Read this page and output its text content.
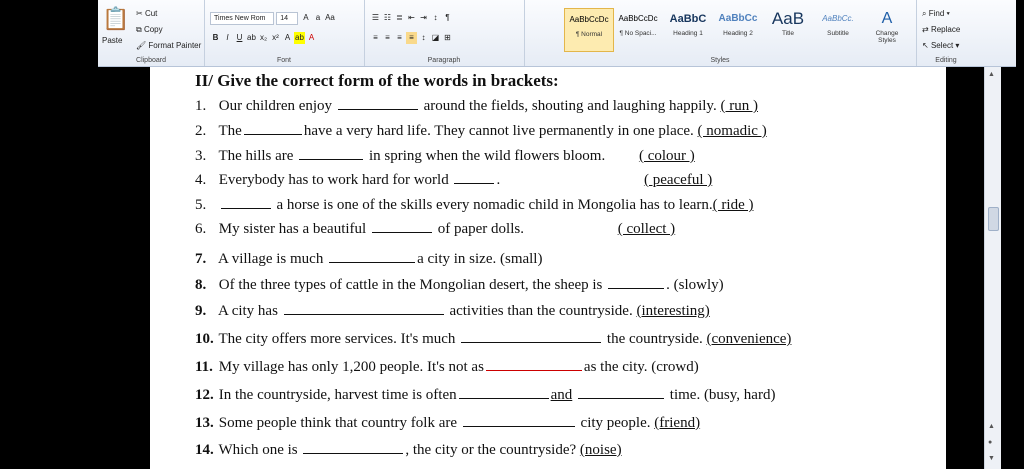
📋
Paste
✂ Cut
⧉ Copy
🖌 Format Painter
Clipboard
Times New Rom 14 A a Aa
B I U ab x₂ x² A ab A
Font
☰ ☷ ≣ ⇤ ⇥ ↕ ¶
≡ ≡ ≡ ≡ ↕ ◪ ⊞
Paragraph
AaBbCcDc
¶ Normal
AaBbCcDc
¶ No Spaci...
AaBbC
Heading 1
AaBbCc
Heading 2
AaB
Title
AaBbCc.
Subtitle
A
Change Styles
Styles
⌕ Find ▾
⇄ Replace
↖ Select ▾
Editing
II/ Give the correct form of the words in brackets:
1. Our children enjoy	around the fields, shouting and laughing happily. ( run )
2. The	have a very hard life. They cannot live permanently in one place. ( nomadic )
3. The hills are	in spring when the wild flowers bloom. ( colour )
4. Everybody has to work hard for world	.	( peaceful )
5.	a horse is one of the skills every nomadic child in Mongolia has to learn.( ride )
6. My sister has a beautiful	of paper dolls.	( collect )
7. A village is much	a city in size. (small)
8. Of the three types of cattle in the Mongolian desert, the sheep is	. (slowly)
9. A city has	activities than the countryside. (interesting)
10. The city offers more services. It's much	the countryside. (convenience)
11. My village has only 1,200 people. It's not as	as the city. (crowd)
12. In the countryside, harvest time is often	and	time. (busy, hard)
13. Some people think that country folk are	city people. (friend)
14. Which one is	, the city or the countryside? (noise)
▲
▲
●
▼
